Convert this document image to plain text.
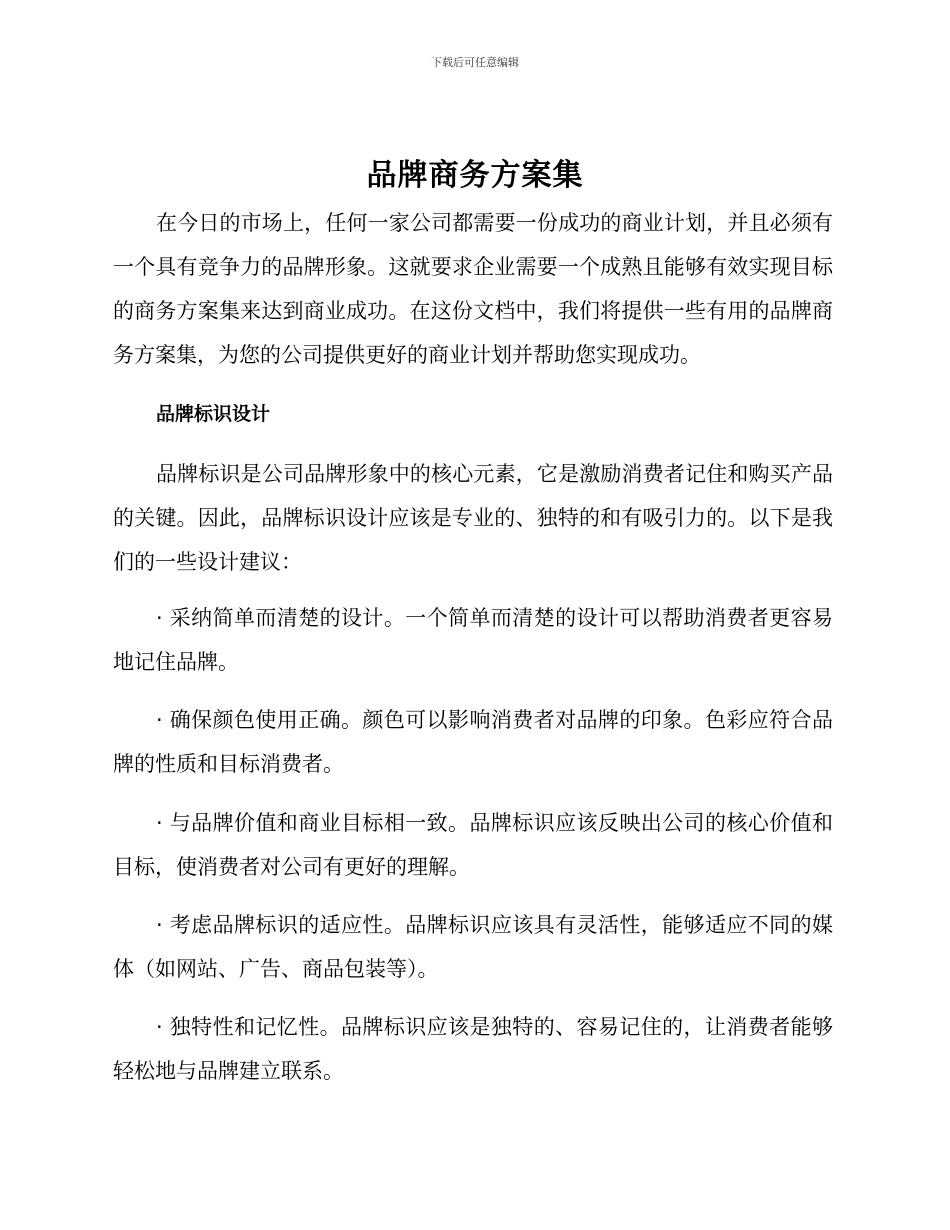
下载后可任意编辑
品牌商务方案集

在今日的市场上，任何一家公司都需要一份成功的商业计划，并且必须有一个具有竞争力的品牌形象。这就要求企业需要一个成熟且能够有效实现目标的商务方案集来达到商业成功。在这份文档中，我们将提供一些有用的品牌商务方案集，为您的公司提供更好的商业计划并帮助您实现成功。

品牌标识设计

品牌标识是公司品牌形象中的核心元素，它是激励消费者记住和购买产品的关键。因此，品牌标识设计应该是专业的、独特的和有吸引力的。以下是我们的一些设计建议：

· 采纳简单而清楚的设计。一个简单而清楚的设计可以帮助消费者更容易地记住品牌。

· 确保颜色使用正确。颜色可以影响消费者对品牌的印象。色彩应符合品牌的性质和目标消费者。

· 与品牌价值和商业目标相一致。品牌标识应该反映出公司的核心价值和目标，使消费者对公司有更好的理解。

· 考虑品牌标识的适应性。品牌标识应该具有灵活性，能够适应不同的媒体（如网站、广告、商品包装等）。

· 独特性和记忆性。品牌标识应该是独特的、容易记住的，让消费者能够轻松地与品牌建立联系。
